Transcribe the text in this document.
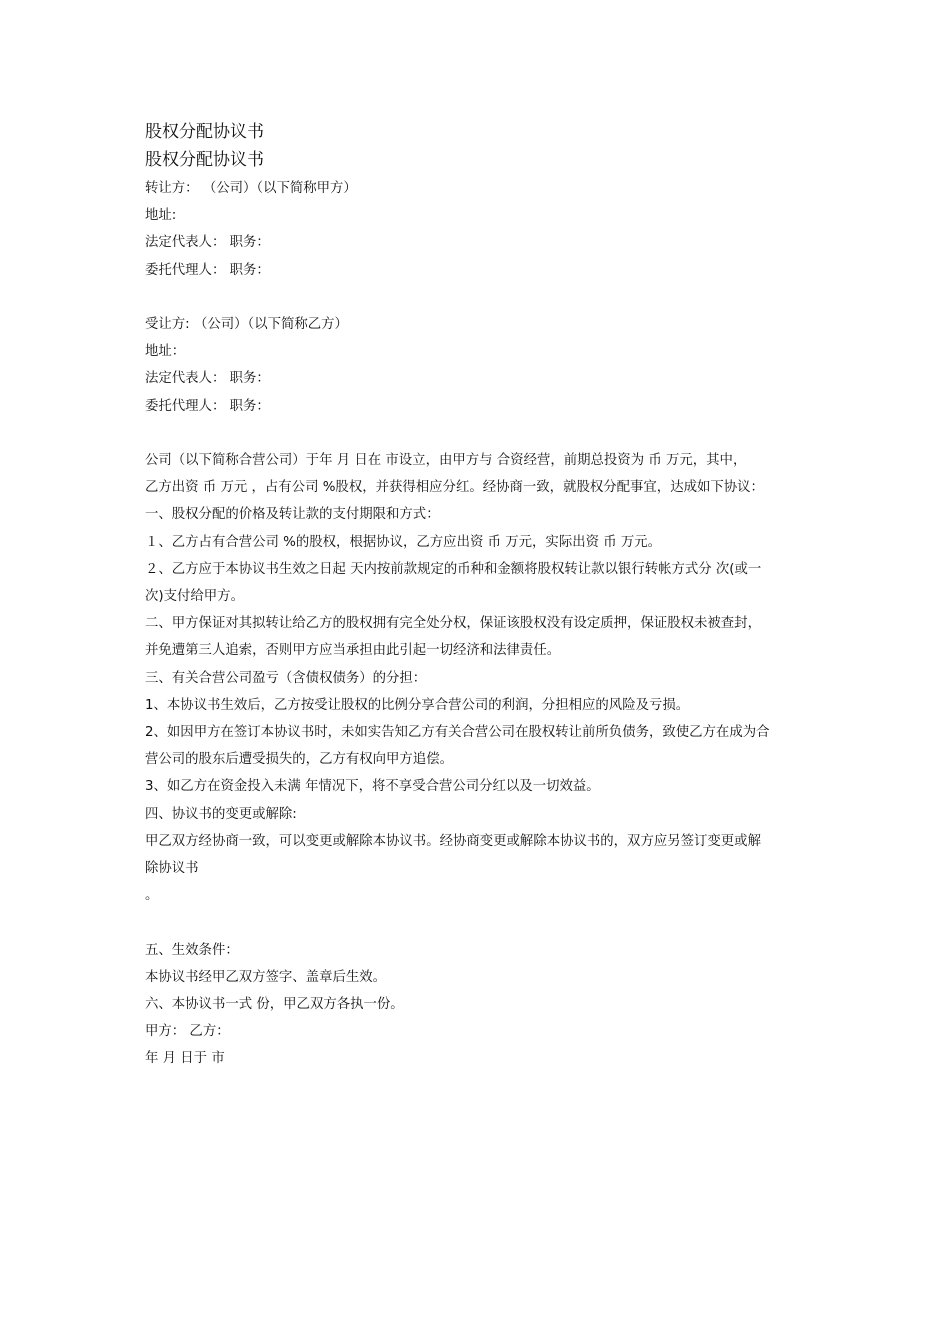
股权分配协议书
股权分配协议书
转让方： （公司）（以下简称甲方）
地址:
法定代表人： 职务：
委托代理人： 职务：
受让方: （公司）（以下简称乙方）
地址：
法定代表人： 职务：
委托代理人： 职务：
公司（以下简称合营公司）于年 月 日在 市设立，由甲方与 合资经营，前期总投资为 币 万元，其中，
乙方出资 币 万元 ，占有公司 %股权，并获得相应分红。经协商一致，就股权分配事宜，达成如下协议：
一、股权分配的价格及转让款的支付期限和方式：
１、乙方占有合营公司 %的股权，根据协议，乙方应出资 币 万元，实际出资 币 万元。
２、乙方应于本协议书生效之日起 天内按前款规定的币种和金额将股权转让款以银行转帐方式分 次(或一
次)支付给甲方。
二、甲方保证对其拟转让给乙方的股权拥有完全处分权，保证该股权没有设定质押，保证股权未被查封，
并免遭第三人追索，否则甲方应当承担由此引起一切经济和法律责任。
三、有关合营公司盈亏（含债权债务）的分担：
1、本协议书生效后，乙方按受让股权的比例分享合营公司的利润，分担相应的风险及亏损。
2、如因甲方在签订本协议书时，未如实告知乙方有关合营公司在股权转让前所负债务，致使乙方在成为合
营公司的股东后遭受损失的，乙方有权向甲方追偿。
3、如乙方在资金投入未满 年情况下，将不享受合营公司分红以及一切效益。
四、协议书的变更或解除:
甲乙双方经协商一致，可以变更或解除本协议书。经协商变更或解除本协议书的，双方应另签订变更或解
除协议书
。
五、生效条件：
本协议书经甲乙双方签字、盖章后生效。
六、本协议书一式 份，甲乙双方各执一份。
甲方： 乙方：
年 月 日于 市
